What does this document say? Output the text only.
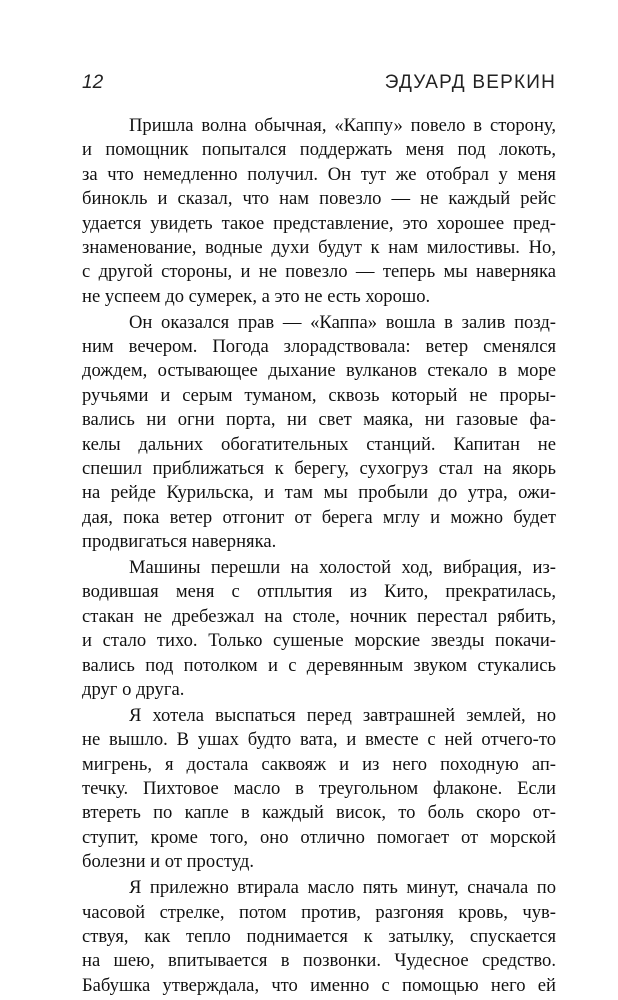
12	ЭДУАРД ВЕРКИН
Пришла волна обычная, «Каппу» повело в сторону,
и помощник попытался поддержать меня под локоть,
за что немедленно получил. Он тут же отобрал у меня
бинокль и сказал, что нам повезло — не каждый рейс
удается увидеть такое представление, это хорошее пред-
знаменование, водные духи будут к нам милостивы. Но,
с другой стороны, и не повезло — теперь мы наверняка
не успеем до сумерек, а это не есть хорошо.
Он оказался прав — «Каппа» вошла в залив позд-
ним вечером. Погода злорадствовала: ветер сменялся
дождем, остывающее дыхание вулканов стекало в море
ручьями и серым туманом, сквозь который не проры-
вались ни огни порта, ни свет маяка, ни газовые фа-
келы дальних обогатительных станций. Капитан не
спешил приближаться к берегу, сухогруз стал на якорь
на рейде Курильска, и там мы пробыли до утра, ожи-
дая, пока ветер отгонит от берега мглу и можно будет
продвигаться наверняка.
Машины перешли на холостой ход, вибрация, из-
водившая меня с отплытия из Кито, прекратилась,
стакан не дребезжал на столе, ночник перестал рябить,
и стало тихо. Только сушеные морские звезды покачи-
вались под потолком и с деревянным звуком стукались
друг о друга.
Я хотела выспаться перед завтрашней землей, но
не вышло. В ушах будто вата, и вместе с ней отчего-то
мигрень, я достала саквояж и из него походную ап-
течку. Пихтовое масло в треугольном флаконе. Если
втереть по капле в каждый висок, то боль скоро от-
ступит, кроме того, оно отлично помогает от морской
болезни и от простуд.
Я прилежно втирала масло пять минут, сначала по
часовой стрелке, потом против, разгоняя кровь, чув-
ствуя, как тепло поднимается к затылку, спускается
на шею, впитывается в позвонки. Чудесное средство.
Бабушка утверждала, что именно с помощью него ей
